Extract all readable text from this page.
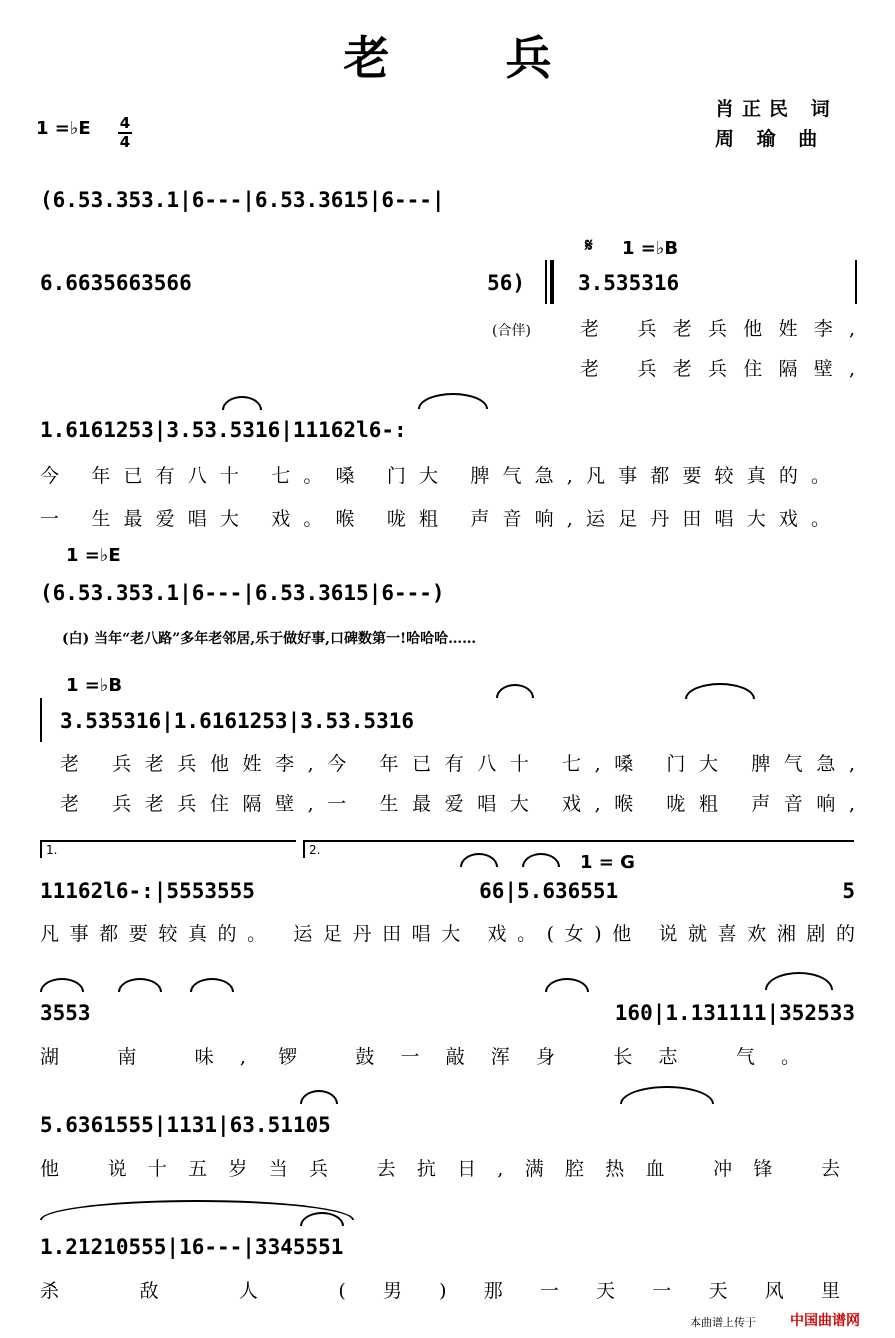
老 兵
肖正民 词
周 瑜 曲
1 =♭E 4
4
(6.53.353.1|6---|6.53.3615|6---|
𝄋 1 =♭B
6.6635663566 56)	3.535316
(合伴)	老 兵老兵他姓李,
老 兵老兵住隔壁,
1.6161253|3.53.5316|11162l6-:
今 年已有八十 七。嗓 门大 脾气急,凡事都要较真的。
一 生最爱唱大 戏。喉 咙粗 声音响,运足丹田唱大戏。
1 =♭E
(6.53.353.1|6---|6.53.3615|6---)
(白) 当年“老八路”多年老邻居,乐于做好事,口碑数第一!哈哈哈……
1 =♭B
3.535316|1.6161253|3.53.5316
老 兵老兵他姓李,今 年已有八十 七,嗓 门大 脾气急,
老 兵老兵住隔壁,一 生最爱唱大 戏,喉 咙粗 声音响,
1.	2.
1 = G
11162l6-:|5553555 66|5.636551 5
凡事都要较真的。 运足丹田唱大 戏。(女)他 说就喜欢湘剧的
3553 160|1.131111|352533
湖 南 味, 锣 鼓一敲浑身 长志 气。
5.6361555|1131|63.51105
他 说十五岁当兵 去抗日,满腔热血 冲锋 去
1.21210555|16---|3345551
杀 敌 人 (男)那一天一天风里
本曲谱上传于 中国曲谱网
